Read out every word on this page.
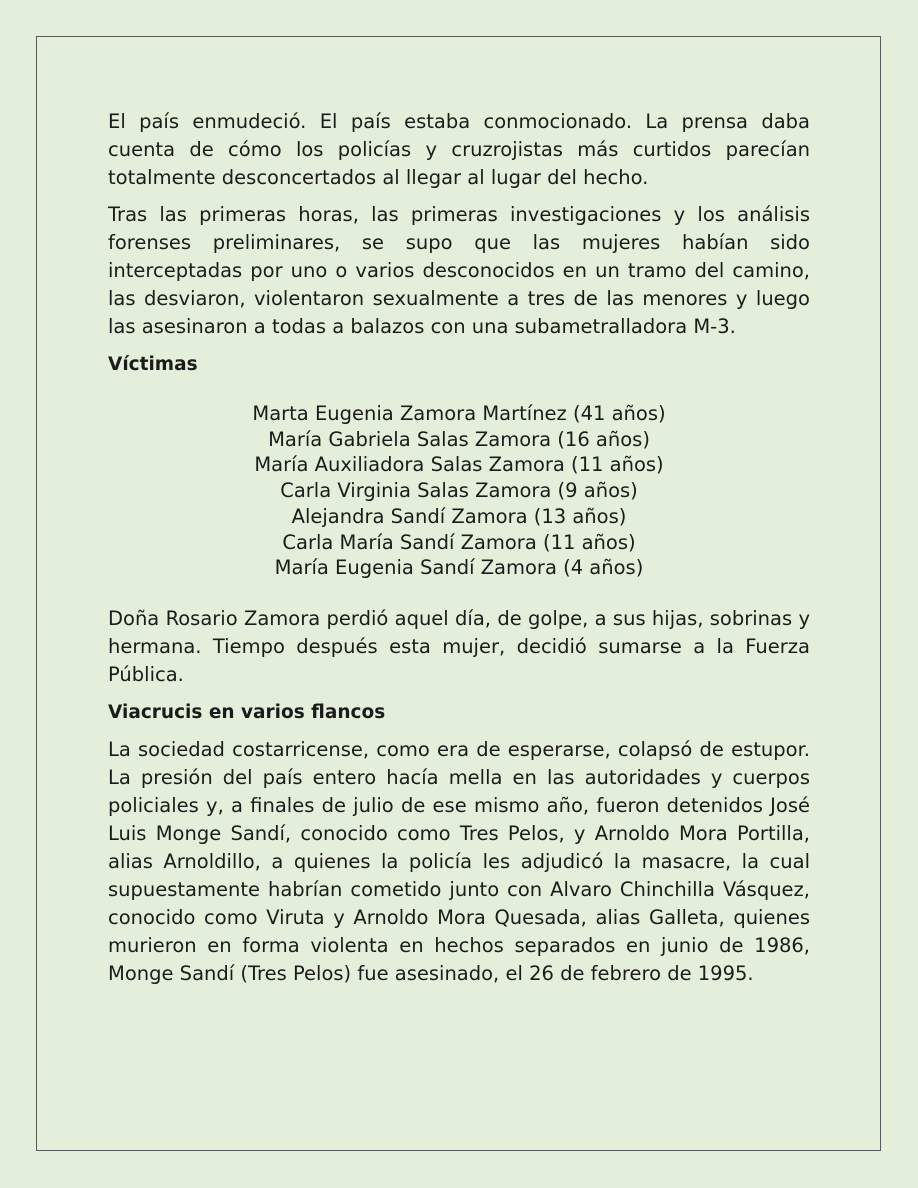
El país enmudeció. El país estaba conmocionado. La prensa daba cuenta de cómo los policías y cruzrojistas más curtidos parecían totalmente desconcertados al llegar al lugar del hecho.

Tras las primeras horas, las primeras investigaciones y los análisis forenses preliminares, se supo que las mujeres habían sido interceptadas por uno o varios desconocidos en un tramo del camino, las desviaron, violentaron sexualmente a tres de las menores y luego las asesinaron a todas a balazos con una subametralladora M-3.

Víctimas
Marta Eugenia Zamora Martínez (41 años)
María Gabriela Salas Zamora (16 años)
María Auxiliadora Salas Zamora (11 años)
Carla Virginia Salas Zamora (9 años)
Alejandra Sandí Zamora (13 años)
Carla María Sandí Zamora (11 años)
María Eugenia Sandí Zamora (4 años)

Doña Rosario Zamora perdió aquel día, de golpe, a sus hijas, sobrinas y hermana. Tiempo después esta mujer, decidió sumarse a la Fuerza Pública.

Viacrucis en varios flancos

La sociedad costarricense, como era de esperarse, colapsó de estupor. La presión del país entero hacía mella en las autoridades y cuerpos policiales y, a finales de julio de ese mismo año, fueron detenidos José Luis Monge Sandí, conocido como Tres Pelos, y Arnoldo Mora Portilla, alias Arnoldillo, a quienes la policía les adjudicó la masacre, la cual supuestamente habrían cometido junto con Alvaro Chinchilla Vásquez, conocido como Viruta y Arnoldo Mora Quesada, alias Galleta, quienes murieron en forma violenta en hechos separados en junio de 1986, Monge Sandí (Tres Pelos) fue asesinado, el 26 de febrero de 1995.
